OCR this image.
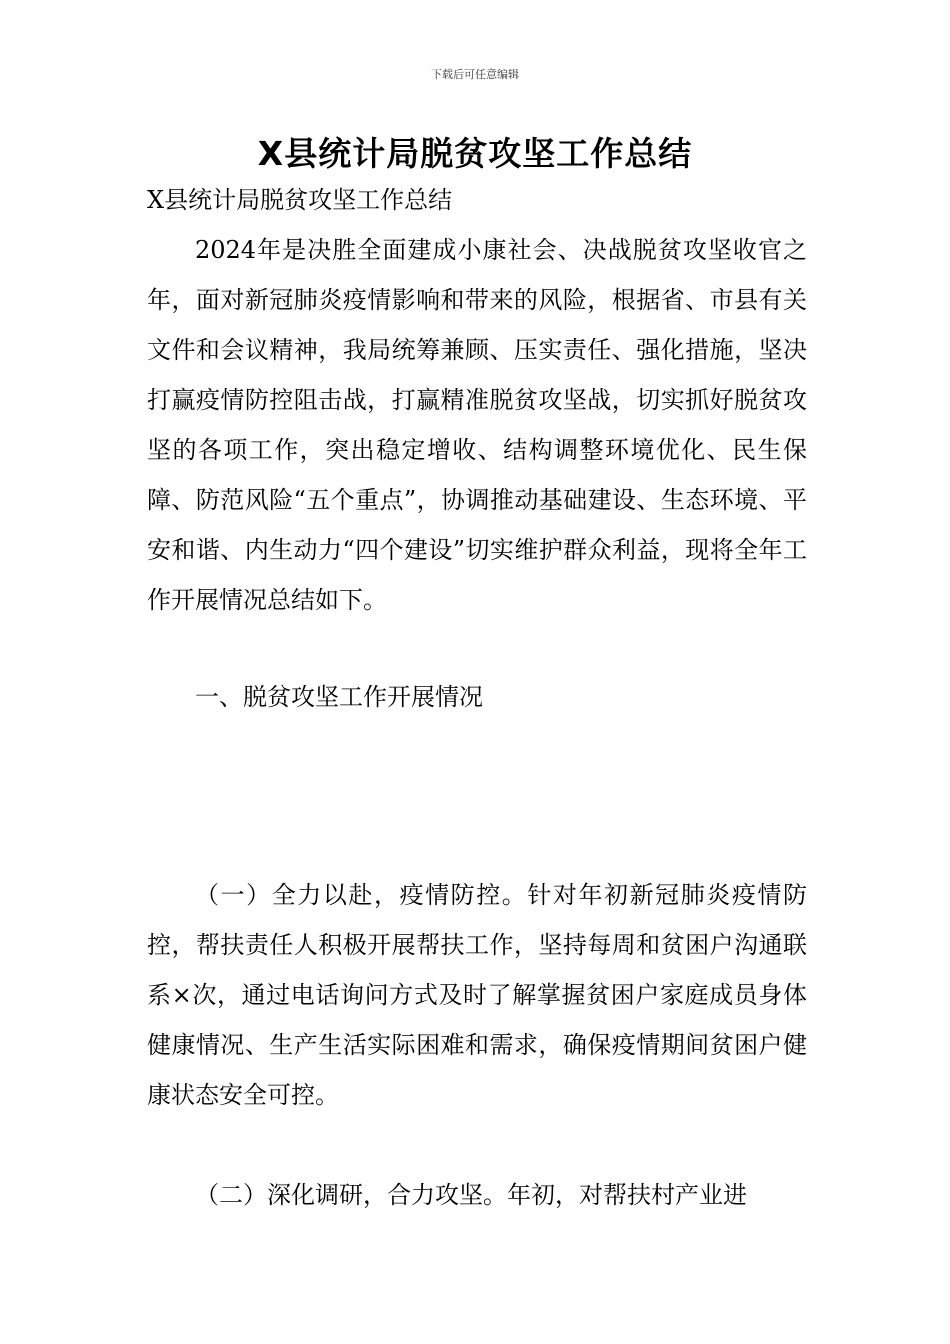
下载后可任意编辑
X县统计局脱贫攻坚工作总结

X县统计局脱贫攻坚工作总结

2024年是决胜全面建成小康社会、决战脱贫攻坚收官之年，面对新冠肺炎疫情影响和带来的风险，根据省、市县有关文件和会议精神，我局统筹兼顾、压实责任、强化措施，坚决打赢疫情防控阻击战，打赢精准脱贫攻坚战，切实抓好脱贫攻坚的各项工作，突出稳定增收、结构调整环境优化、民生保障、防范风险“五个重点”，协调推动基础建设、生态环境、平安和谐、内生动力“四个建设”切实维护群众利益，现将全年工作开展情况总结如下。

一、脱贫攻坚工作开展情况

（一）全力以赴，疫情防控。针对年初新冠肺炎疫情防控，帮扶责任人积极开展帮扶工作，坚持每周和贫困户沟通联系×次，通过电话询问方式及时了解掌握贫困户家庭成员身体健康情况、生产生活实际困难和需求，确保疫情期间贫困户健康状态安全可控。

（二）深化调研，合力攻坚。年初，对帮扶村产业进
